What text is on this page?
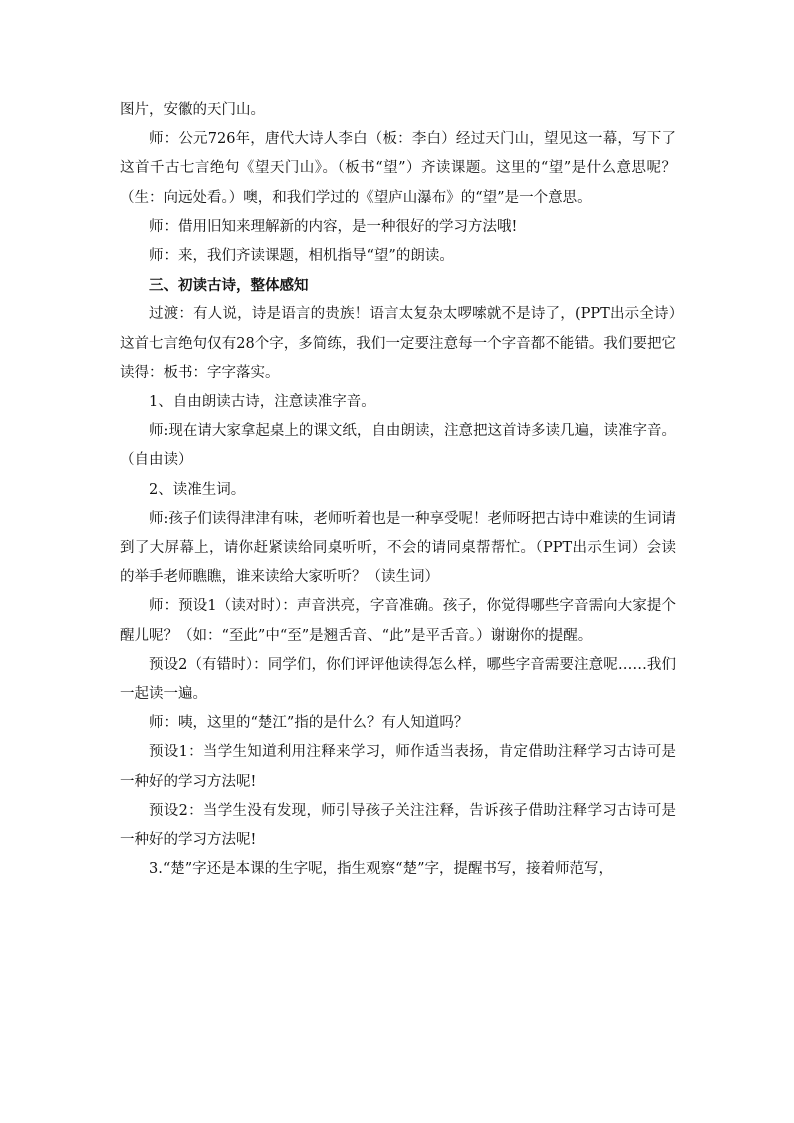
图片，安徽的天门山。

师：公元726年，唐代大诗人李白（板：李白）经过天门山，望见这一幕，写下了这首千古七言绝句《望天门山》。（板书“望”）齐读课题。这里的“望”是什么意思呢？（生：向远处看。）噢，和我们学过的《望庐山瀑布》的“望”是一个意思。

师：借用旧知来理解新的内容，是一种很好的学习方法哦!

师：来，我们齐读课题，相机指导“望”的朗读。

三、初读古诗，整体感知

过渡：有人说，诗是语言的贵族！语言太复杂太啰嗦就不是诗了，(PPT出示全诗）这首七言绝句仅有28个字，多简练，我们一定要注意每一个字音都不能错。我们要把它读得：板书：字字落实。

1、自由朗读古诗，注意读准字音。

师:现在请大家拿起桌上的课文纸，自由朗读，注意把这首诗多读几遍，读准字音。（自由读）

2、读准生词。

师:孩子们读得津津有味，老师听着也是一种享受呢！老师呀把古诗中难读的生词请到了大屏幕上，请你赶紧读给同桌听听，不会的请同桌帮帮忙。（PPT出示生词）会读的举手老师瞧瞧，谁来读给大家听听？（读生词）

师：预设1（读对时）：声音洪亮，字音准确。孩子，你觉得哪些字音需向大家提个醒儿呢？（如：“至此”中“至”是翘舌音、“此”是平舌音。）谢谢你的提醒。

预设2（有错时）：同学们，你们评评他读得怎么样，哪些字音需要注意呢……我们一起读一遍。

师：咦，这里的“楚江”指的是什么？有人知道吗？

预设1：当学生知道利用注释来学习，师作适当表扬，肯定借助注释学习古诗可是一种好的学习方法呢!

预设2：当学生没有发现，师引导孩子关注注释，告诉孩子借助注释学习古诗可是一种好的学习方法呢!

3.“楚”字还是本课的生字呢，指生观察“楚”字，提醒书写，接着师范写，
